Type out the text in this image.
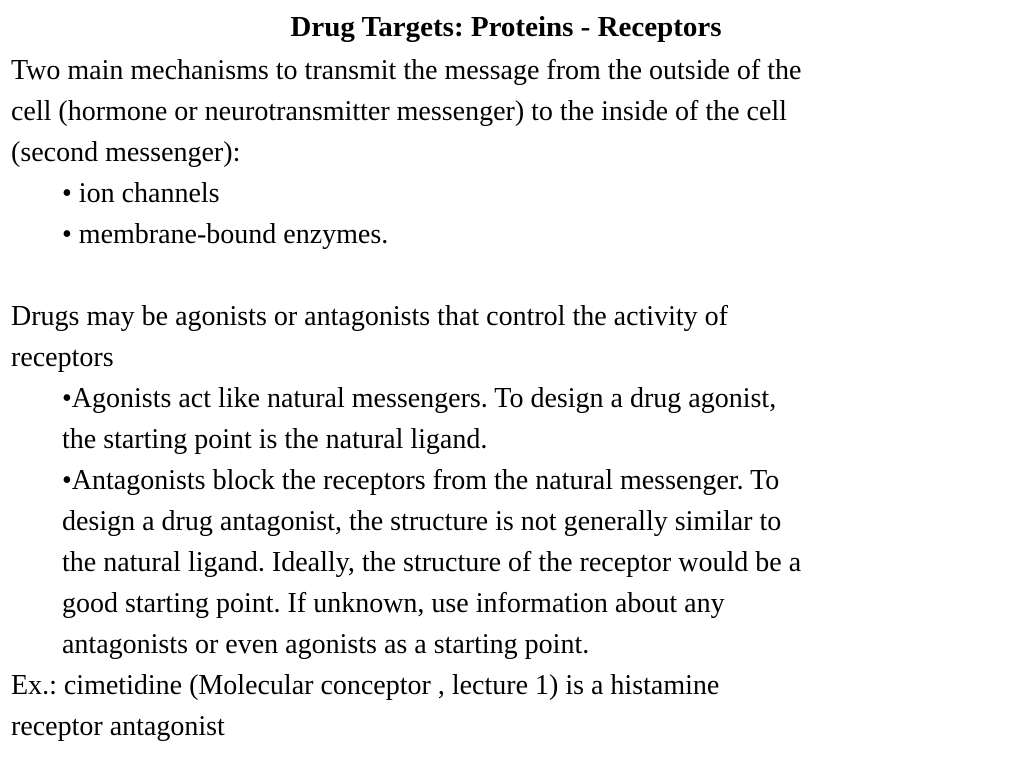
Drug Targets: Proteins - Receptors

Two main mechanisms to transmit the message from the outside of the
cell (hormone or neurotransmitter messenger) to the inside of the cell
(second messenger):

• ion channels
• membrane-bound enzymes.

Drugs may be agonists or antagonists that control the activity of
receptors

•Agonists act like natural messengers. To design a drug agonist,
the starting point is the natural ligand.
•Antagonists block the receptors from the natural messenger. To
design a drug antagonist, the structure is not generally similar to
the natural ligand. Ideally, the structure of the receptor would be a
good starting point. If unknown, use information about any
antagonists or even agonists as a starting point.

Ex.: cimetidine (Molecular conceptor , lecture 1) is a histamine
receptor antagonist
